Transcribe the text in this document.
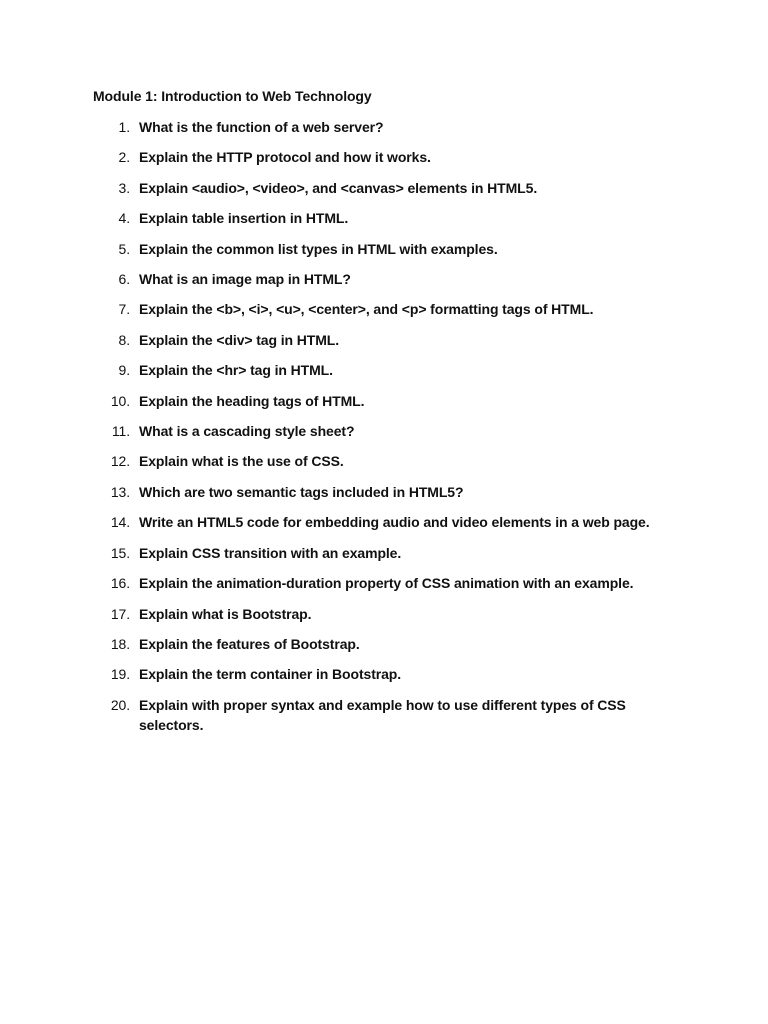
Module 1: Introduction to Web Technology
1. What is the function of a web server?
2. Explain the HTTP protocol and how it works.
3. Explain <audio>, <video>, and <canvas> elements in HTML5.
4. Explain table insertion in HTML.
5. Explain the common list types in HTML with examples.
6. What is an image map in HTML?
7. Explain the <b>, <i>, <u>, <center>, and <p> formatting tags of HTML.
8. Explain the <div> tag in HTML.
9. Explain the <hr> tag in HTML.
10. Explain the heading tags of HTML.
11. What is a cascading style sheet?
12. Explain what is the use of CSS.
13. Which are two semantic tags included in HTML5?
14. Write an HTML5 code for embedding audio and video elements in a web page.
15. Explain CSS transition with an example.
16. Explain the animation-duration property of CSS animation with an example.
17. Explain what is Bootstrap.
18. Explain the features of Bootstrap.
19. Explain the term container in Bootstrap.
20. Explain with proper syntax and example how to use different types of CSS selectors.
